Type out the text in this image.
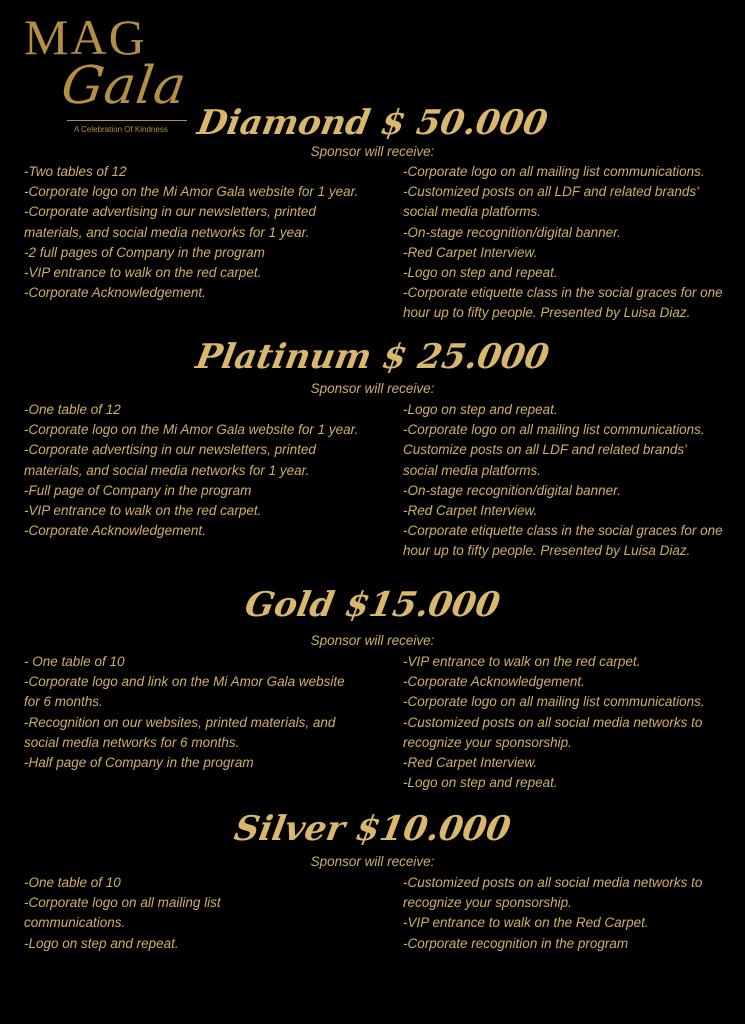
MAG
Gala
A Celebration Of Kindness Diamond $ 50.000
Sponsor will receive:
-Two tables of 12
-Corporate logo on the Mi Amor Gala website for 1 year.
-Corporate advertising in our newsletters, printed materials, and social media networks for 1 year.
-2 full pages of Company in the program
-VIP entrance to walk on the red carpet.
-Corporate Acknowledgement.
-Corporate logo on all mailing list communications.
-Customized posts on all LDF and related brands' social media platforms.
-On-stage recognition/digital banner.
-Red Carpet Interview.
-Logo on step and repeat.
-Corporate etiquette class in the social graces for one hour up to fifty people. Presented by Luisa Diaz.
Platinum $ 25.000
Sponsor will receive:
-One table of 12
-Corporate logo on the Mi Amor Gala website for 1 year.
-Corporate advertising in our newsletters, printed materials, and social media networks for 1 year.
-Full page of Company in the program
-VIP entrance to walk on the red carpet.
-Corporate Acknowledgement.
-Logo on step and repeat.
-Corporate logo on all mailing list communications. Customize posts on all LDF and related brands' social media platforms.
-On-stage recognition/digital banner.
-Red Carpet Interview.
-Corporate etiquette class in the social graces for one hour up to fifty people. Presented by Luisa Diaz.
Gold $15.000
Sponsor will receive:
- One table of 10
-Corporate logo and link on the Mi Amor Gala website for 6 months.
-Recognition on our websites, printed materials, and social media networks for 6 months.
-Half page of Company in the program
-VIP entrance to walk on the red carpet.
-Corporate Acknowledgement.
-Corporate logo on all mailing list communications.
-Customized posts on all social media networks to recognize your sponsorship.
-Red Carpet Interview.
-Logo on step and repeat.
Silver $10.000
Sponsor will receive:
-One table of 10
-Corporate logo on all mailing list communications.
-Logo on step and repeat.
-Customized posts on all social media networks to recognize your sponsorship.
-VIP entrance to walk on the Red Carpet.
-Corporate recognition in the program
